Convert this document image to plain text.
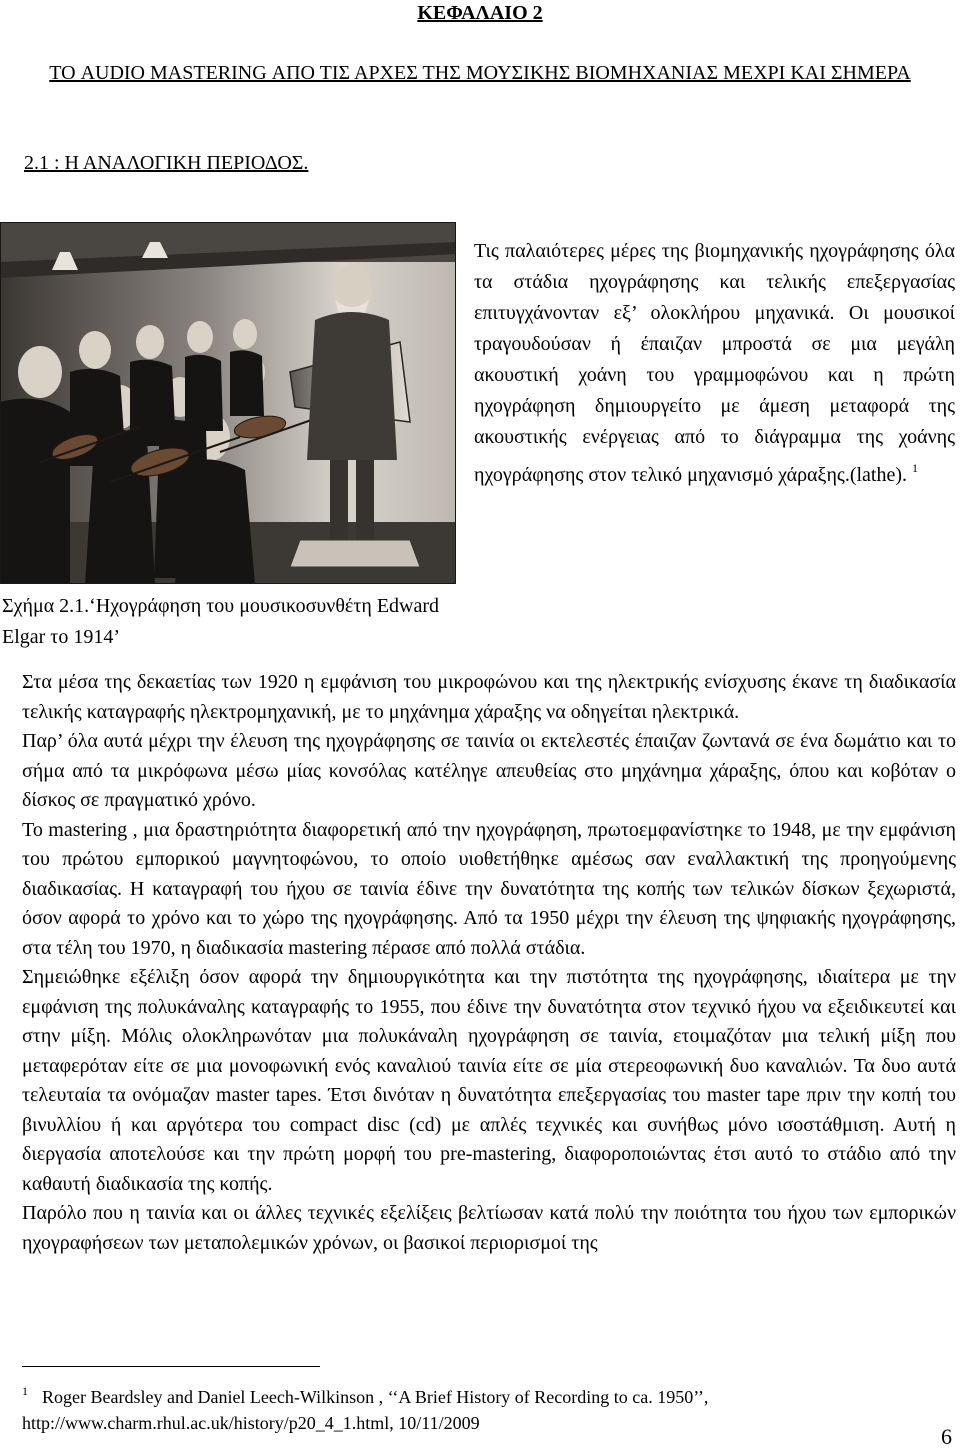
ΚΕΦΑΛΑΙΟ 2
ΤΟ AUDIO MASTERING ΑΠΟ ΤΙΣ ΑΡΧΕΣ ΤΗΣ ΜΟΥΣΙΚΗΣ ΒΙΟΜΗΧΑΝΙΑΣ ΜΕΧΡΙ ΚΑΙ ΣΗΜΕΡΑ
2.1 : Η ΑΝΑΛΟΓΙΚΗ ΠΕΡΙΟΔΟΣ.
Τις παλαιότερες μέρες της βιομηχανικής ηχογράφησης όλα τα στάδια ηχογράφησης και τελικής επεξεργασίας επιτυγχάνονταν εξ’ ολοκλήρου μηχανικά. Οι μουσικοί τραγουδούσαν ή έπαιζαν μπροστά σε μια μεγάλη ακουστική χοάνη του γραμμοφώνου και η πρώτη ηχογράφηση δημιουργείτο με άμεση μεταφορά της ακουστικής ενέργειας από το διάγραμμα της χοάνης ηχογράφησης στον τελικό μηχανισμό χάραξης.(lathe). $^1$
Σχήμα 2.1.‘Ηχογράφηση του μουσικοσυνθέτη Edward Elgar το 1914’

Στα μέσα της δεκαετίας των 1920 η εμφάνιση του μικροφώνου και της ηλεκτρικής ενίσχυσης έκανε τη διαδικασία τελικής καταγραφής ηλεκτρομηχανική, με το μηχάνημα χάραξης να οδηγείται ηλεκτρικά.

Παρ’ όλα αυτά μέχρι την έλευση της ηχογράφησης σε ταινία οι εκτελεστές έπαιζαν ζωντανά σε ένα δωμάτιο και το σήμα από τα μικρόφωνα μέσω μίας κονσόλας κατέληγε απευθείας στο μηχάνημα χάραξης, όπου και κοβόταν ο δίσκος σε πραγματικό χρόνο.

Το mastering , μια δραστηριότητα διαφορετική από την ηχογράφηση, πρωτοεμφανίστηκε το 1948, με την εμφάνιση του πρώτου εμπορικού μαγνητοφώνου, το οποίο υιοθετήθηκε αμέσως σαν εναλλακτική της προηγούμενης διαδικασίας. Η καταγραφή του ήχου σε ταινία έδινε την δυνατότητα της κοπής των τελικών δίσκων ξεχωριστά, όσον αφορά το χρόνο και το χώρο της ηχογράφησης. Από τα 1950 μέχρι την έλευση της ψηφιακής ηχογράφησης, στα τέλη του 1970, η διαδικασία mastering πέρασε από πολλά στάδια.

Σημειώθηκε εξέλιξη όσον αφορά την δημιουργικότητα και την πιστότητα της ηχογράφησης, ιδιαίτερα με την εμφάνιση της πολυκάναλης καταγραφής το 1955, που έδινε την δυνατότητα στον τεχνικό ήχου να εξειδικευτεί και στην μίξη. Μόλις ολοκληρωνόταν μια πολυκάναλη ηχογράφηση σε ταινία, ετοιμαζόταν μια τελική μίξη που μεταφερόταν είτε σε μια μονοφωνική ενός καναλιού ταινία είτε σε μία στερεοφωνική δυο καναλιών. Τα δυο αυτά τελευταία τα ονόμαζαν master tapes. Έτσι δινόταν η δυνατότητα επεξεργασίας του master tape πριν την κοπή του βινυλλίου ή και αργότερα του compact disc (cd) με απλές τεχνικές και συνήθως μόνο ισοστάθμιση. Αυτή η διεργασία αποτελούσε και την πρώτη μορφή του pre-mastering, διαφοροποιώντας έτσι αυτό το στάδιο από την καθαυτή διαδικασία της κοπής.

Παρόλο που η ταινία και οι άλλες τεχνικές εξελίξεις βελτίωσαν κατά πολύ την ποιότητα του ήχου των εμπορικών ηχογραφήσεων των μεταπολεμικών χρόνων, οι βασικοί περιορισμοί της

$^1$ Roger Beardsley and Daniel Leech-Wilkinson , ‘‘A Brief History of Recording to ca. 1950’’, http://www.charm.rhul.ac.uk/history/p20_4_1.html, 10/11/2009
6
